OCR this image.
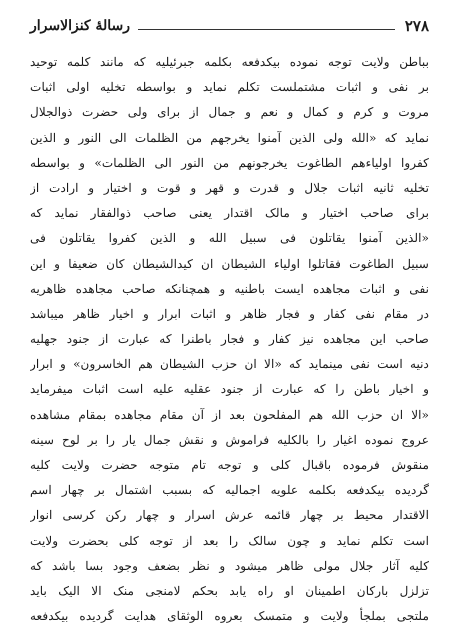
۲۷۸
رسالهٔ کنزالاسرار
بباطن ولایت توجه نموده بیکدفعه بکلمه جبرئیلیه که مانند کلمه توحید
بر نفی و اثبات مشتملست تکلم نماید و بواسطه تخلیه اولی اثبات
مروت و کرم و کمال و نعم و جمال از برای ولی حضرت ذوالجلال
نماید که «الله ولی الذین آمنوا یخرجهم من الظلمات الی النور و الذین
کفروا اولیاءهم الطاغوت یخرجونهم من النور الی الظلمات» و بواسطه
تخلیه ثانیه اثبات جلال و قدرت و قهر و قوت و اختیار و ارادت از
برای صاحب اختیار و مالک اقتدار یعنی صاحب ذوالفقار نماید که
«الذین آمنوا یقاتلون فی سبیل الله و الذین کفروا یقاتلون فی
سبیل الطاغوت فقاتلوا اولیاء الشیطان ان کیدالشیطان کان ضعیفا و این
نفی و اثبات مجاهده ایست باطنیه و همچنانکه صاحب مجاهده ظاهریه
در مقام نفی کفار و فجار ظاهر و اثبات ابرار و اخیار ظاهر میباشد
صاحب این مجاهده نیز کفار و فجار باطنرا که عبارت از جنود جهلیه
دنیه است نفی مینماید که «الا ان حزب الشیطان هم الخاسرون» و ابرار
و اخیار باطن را که عبارت از جنود عقلیه علیه است اثبات میفرماید
«الا ان حزب الله هم المفلحون بعد از آن مقام مجاهده بمقام مشاهده
عروج نموده اغیار را بالکلیه فراموش و نقش جمال یار را بر لوح سینه
منقوش فرموده باقبال کلی و توجه تام متوجه حضرت ولایت کلیه
گردیده بیکدفعه بکلمه علویه اجمالیه که بسبب اشتمال بر چهار اسم
الاقتدار محیط بر چهار قائمه عرش اسرار و چهار رکن کرسی انوار
است تکلم نماید و چون سالک را بعد از توجه کلی بحضرت ولایت
کلیه آثار جلال مولی ظاهر میشود و نظر بضعف وجود بسا باشد که
تزلزل بارکان اطمینان او راه یابد بحکم لامنجی منک الا الیک باید
ملتجی بملجأ ولایت و متمسک بعروه الوثقای هدایت گردیده بیکدفعه
